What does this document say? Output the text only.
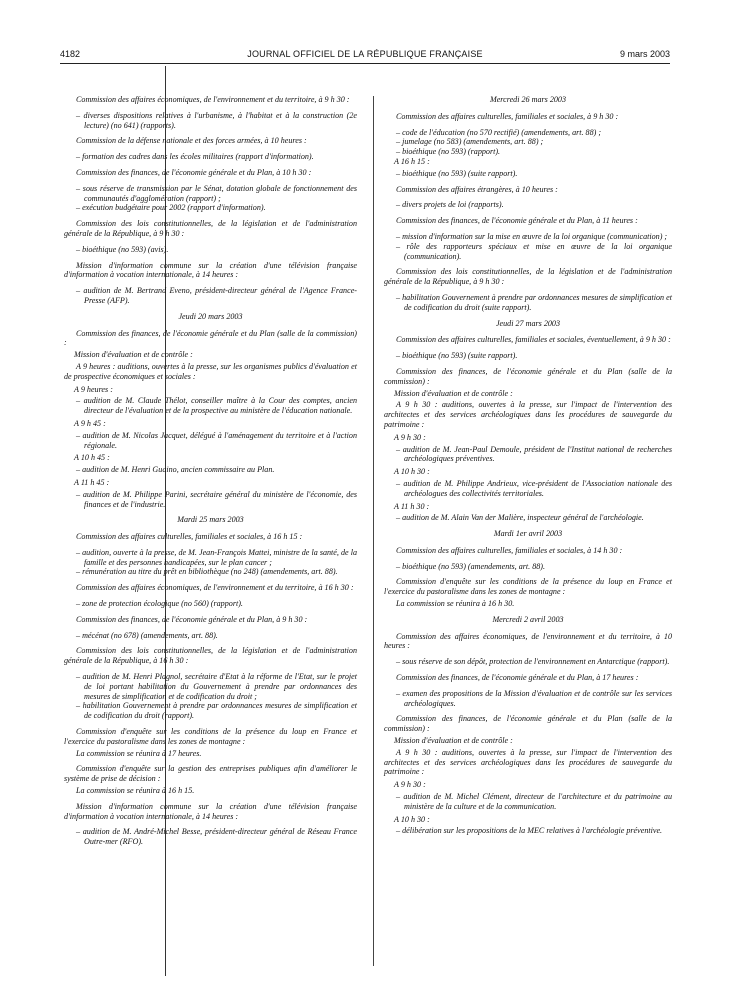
4182	JOURNAL OFFICIEL DE LA RÉPUBLIQUE FRANÇAISE	9 mars 2003

Commission des affaires économiques, de l'environnement et du territoire, à 9 h 30 :

– diverses dispositions relatives à l'urbanisme, à l'habitat et à la construction (2e lecture) (no 641) (rapports).

Commission de la défense nationale et des forces armées, à 10 heures :

– formation des cadres dans les écoles militaires (rapport d'information).

Commission des finances, de l'économie générale et du Plan, à 10 h 30 :

– sous réserve de transmission par le Sénat, dotation globale de fonctionnement des communautés d'agglomération (rapport) ;

– exécution budgétaire pour 2002 (rapport d'information).

Commission des lois constitutionnelles, de la législation et de l'administration générale de la République, à 9 h 30 :

– bioéthique (no 593) (avis).

Mission d'information commune sur la création d'une télévision française d'information à vocation internationale, à 14 heures :

– audition de M. Bertrand Eveno, président-directeur général de l'Agence France-Presse (AFP).

Jeudi 20 mars 2003

Commission des finances, de l'économie générale et du Plan (salle de la commission) :

Mission d'évaluation et de contrôle :

A 9 heures : auditions, ouvertes à la presse, sur les organismes publics d'évaluation et de prospective économiques et sociales :

A 9 heures :

– audition de M. Claude Thélot, conseiller maître à la Cour des comptes, ancien directeur de l'évaluation et de la prospective au ministère de l'éducation nationale.

A 9 h 45 :

– audition de M. Nicolas Jacquet, délégué à l'aménagement du territoire et à l'action régionale.

A 10 h 45 :

– audition de M. Henri Guaino, ancien commissaire au Plan.

A 11 h 45 :

– audition de M. Philippe Parini, secrétaire général du ministère de l'économie, des finances et de l'industrie.

Mardi 25 mars 2003

Commission des affaires culturelles, familiales et sociales, à 16 h 15 :

– audition, ouverte à la presse, de M. Jean-François Mattei, ministre de la santé, de la famille et des personnes handicapées, sur le plan cancer ;

– rémunération au titre du prêt en bibliothèque (no 248) (amendements, art. 88).

Commission des affaires économiques, de l'environnement et du territoire, à 16 h 30 :

– zone de protection écologique (no 560) (rapport).

Commission des finances, de l'économie générale et du Plan, à 9 h 30 :

– mécénat (no 678) (amendements, art. 88).

Commission des lois constitutionnelles, de la législation et de l'administration générale de la République, à 16 h 30 :

– audition de M. Henri Plagnol, secrétaire d'Etat à la réforme de l'Etat, sur le projet de loi portant habilitation du Gouvernement à prendre par ordonnances des mesures de simplification et de codification du droit ;

– habilitation Gouvernement à prendre par ordonnances mesures de simplification et de codification du droit (rapport).

Commission d'enquête sur les conditions de la présence du loup en France et l'exercice du pastoralisme dans les zones de montagne :

La commission se réunira à 17 heures.

Commission d'enquête sur la gestion des entreprises publiques afin d'améliorer le système de prise de décision :

La commission se réunira à 16 h 15.

Mission d'information commune sur la création d'une télévision française d'information à vocation internationale, à 14 heures :

– audition de M. André-Michel Besse, président-directeur général de Réseau France Outre-mer (RFO).

Mercredi 26 mars 2003

Commission des affaires culturelles, familiales et sociales, à 9 h 30 :

– code de l'éducation (no 570 rectifié) (amendements, art. 88) ;

– jumelage (no 583) (amendements, art. 88) ;

– bioéthique (no 593) (rapport).

A 16 h 15 :

– bioéthique (no 593) (suite rapport).

Commission des affaires étrangères, à 10 heures :

– divers projets de loi (rapports).

Commission des finances, de l'économie générale et du Plan, à 11 heures :

– mission d'information sur la mise en œuvre de la loi organique (communication) ;

– rôle des rapporteurs spéciaux et mise en œuvre de la loi organique (communication).

Commission des lois constitutionnelles, de la législation et de l'administration générale de la République, à 9 h 30 :

– habilitation Gouvernement à prendre par ordonnances mesures de simplification et de codification du droit (suite rapport).

Jeudi 27 mars 2003

Commission des affaires culturelles, familiales et sociales, éventuellement, à 9 h 30 :

– bioéthique (no 593) (suite rapport).

Commission des finances, de l'économie générale et du Plan (salle de la commission) :

Mission d'évaluation et de contrôle :

A 9 h 30 : auditions, ouvertes à la presse, sur l'impact de l'intervention des architectes et des services archéologiques dans les procédures de sauvegarde du patrimoine :

A 9 h 30 :

– audition de M. Jean-Paul Demoule, président de l'Institut national de recherches archéologiques préventives.

A 10 h 30 :

– audition de M. Philippe Andrieux, vice-président de l'Association nationale des archéologues des collectivités territoriales.

A 11 h 30 :

– audition de M. Alain Van der Malière, inspecteur général de l'archéologie.

Mardi 1er avril 2003

Commission des affaires culturelles, familiales et sociales, à 14 h 30 :

– bioéthique (no 593) (amendements, art. 88).

Commission d'enquête sur les conditions de la présence du loup en France et l'exercice du pastoralisme dans les zones de montagne :

La commission se réunira à 16 h 30.

Mercredi 2 avril 2003

Commission des affaires économiques, de l'environnement et du territoire, à 10 heures :

– sous réserve de son dépôt, protection de l'environnement en Antarctique (rapport).

Commission des finances, de l'économie générale et du Plan, à 17 heures :

– examen des propositions de la Mission d'évaluation et de contrôle sur les services archéologiques.

Commission des finances, de l'économie générale et du Plan (salle de la commission) :

Mission d'évaluation et de contrôle :

A 9 h 30 : auditions, ouvertes à la presse, sur l'impact de l'intervention des architectes et des services archéologiques dans les procédures de sauvegarde du patrimoine :

A 9 h 30 :

– audition de M. Michel Clément, directeur de l'architecture et du patrimoine au ministère de la culture et de la communication.

A 10 h 30 :

– délibération sur les propositions de la MEC relatives à l'archéologie préventive.
